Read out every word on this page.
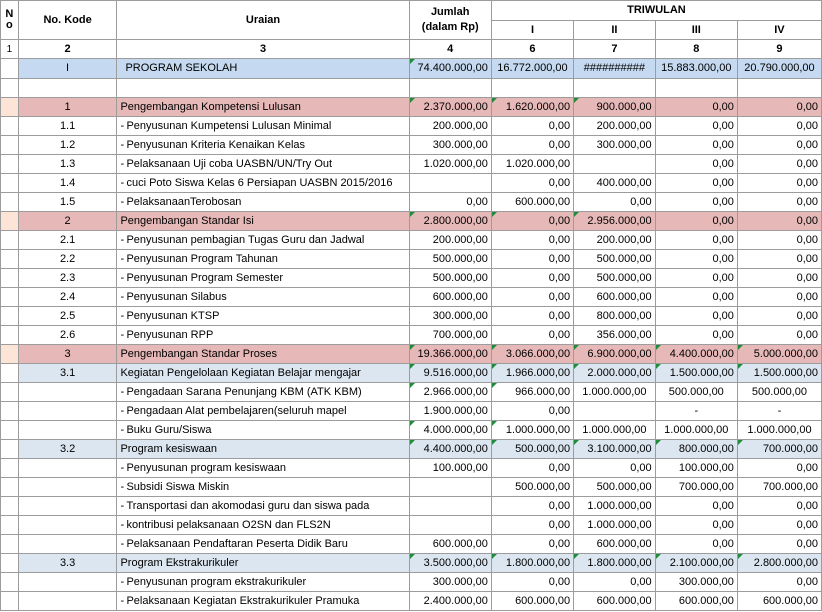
N o	No. Kode	Uraian	Jumlah (dalam Rp)	TRIWULAN			
				I	II	III	IV
1	2	3	4	6	7	8	9
	I	PROGRAM SEKOLAH	74.400.000,00	16.772.000,00	##########	15.883.000,00	20.790.000,00

	1	Pengembangan Kompetensi Lulusan	2.370.000,00	1.620.000,00	900.000,00	0,00	0,00
	1.1	- Penyusunan Kumpetensi Lulusan Minimal	200.000,00	0,00	200.000,00	0,00	0,00
	1.2	- Penyusunan Kriteria Kenaikan Kelas	300.000,00	0,00	300.000,00	0,00	0,00
	1.3	- Pelaksanaan Uji coba UASBN/UN/Try Out	1.020.000,00	1.020.000,00		0,00	0,00
	1.4	- cuci Poto Siswa Kelas 6 Persiapan UASBN 2015/2016		0,00	400.000,00	0,00	0,00
	1.5	- PelaksanaanTerobosan	0,00	600.000,00	0,00	0,00	0,00
	2	Pengembangan Standar Isi	2.800.000,00	0,00	2.956.000,00	0,00	0,00
	2.1	- Penyusunan pembagian Tugas Guru dan Jadwal	200.000,00	0,00	200.000,00	0,00	0,00
	2.2	- Penyusunan Program Tahunan	500.000,00	0,00	500.000,00	0,00	0,00
	2.3	- Penyusunan Program Semester	500.000,00	0,00	500.000,00	0,00	0,00
	2.4	- Penyusunan Silabus	600.000,00	0,00	600.000,00	0,00	0,00
	2.5	- Penyusunan KTSP	300.000,00	0,00	800.000,00	0,00	0,00
	2.6	- Penyusunan RPP	700.000,00	0,00	356.000,00	0,00	0,00
	3	Pengembangan Standar Proses	19.366.000,00	3.066.000,00	6.900.000,00	4.400.000,00	5.000.000,00
	3.1	Kegiatan Pengelolaan Kegiatan Belajar mengajar	9.516.000,00	1.966.000,00	2.000.000,00	1.500.000,00	1.500.000,00
		- Pengadaan Sarana Penunjang KBM (ATK KBM)	2.966.000,00	966.000,00	1.000.000,00	500.000,00	500.000,00
		- Pengadaan Alat pembelajaren(seluruh mapel	1.900.000,00	0,00		-	-
		- Buku Guru/Siswa	4.000.000,00	1.000.000,00	1.000.000,00	1.000.000,00	1.000.000,00
	3.2	Program kesiswaan	4.400.000,00	500.000,00	3.100.000,00	800.000,00	700.000,00
		- Penyusunan program kesiswaan	100.000,00	0,00	0,00	100.000,00	0,00
		- Subsidi Siswa Miskin		500.000,00	500.000,00	700.000,00	700.000,00
		- Transportasi dan akomodasi guru dan siswa pada		0,00	1.000.000,00	0,00	0,00
		- kontribusi pelaksanaan O2SN dan FLS2N		0,00	1.000.000,00	0,00	0,00
		- Pelaksanaan Pendaftaran Peserta Didik Baru	600.000,00	0,00	600.000,00	0,00	0,00
	3.3	Program Ekstrakurikuler	3.500.000,00	1.800.000,00	1.800.000,00	2.100.000,00	2.800.000,00
		- Penyusunan program ekstrakurikuler	300.000,00	0,00	0,00	300.000,00	0,00
		- Pelaksanaan Kegiatan Ekstrakurikuler Pramuka	2.400.000,00	600.000,00	600.000,00	600.000,00	600.000,00
